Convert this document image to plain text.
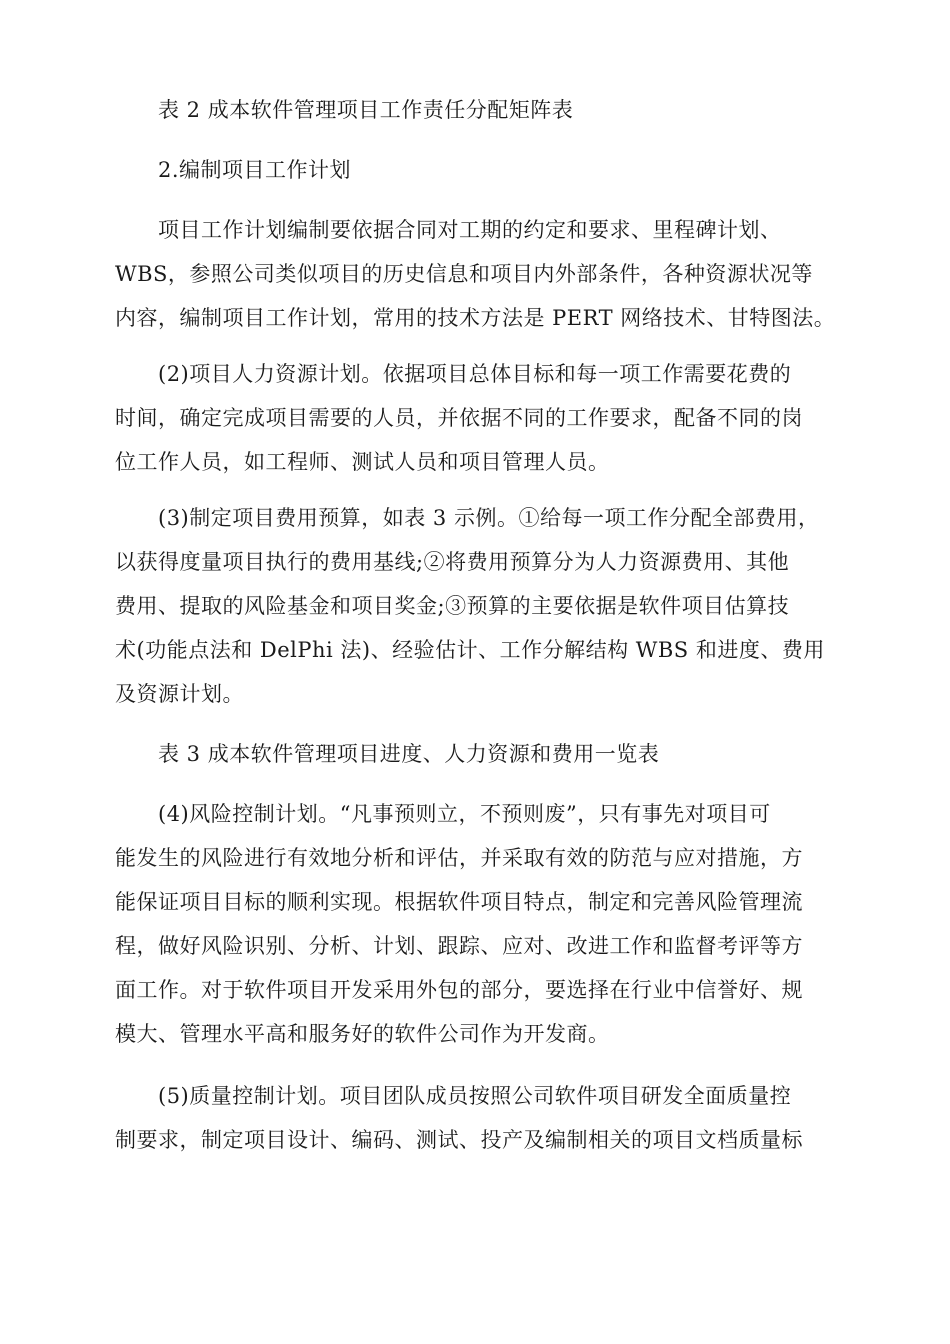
　　表 2 成本软件管理项目工作责任分配矩阵表

　　2.编制项目工作计划

　　项目工作计划编制要依据合同对工期的约定和要求、里程碑计划、
WBS，参照公司类似项目的历史信息和项目内外部条件，各种资源状况等
内容，编制项目工作计划，常用的技术方法是 PERT 网络技术、甘特图法。

　　(2)项目人力资源计划。依据项目总体目标和每一项工作需要花费的
时间，确定完成项目需要的人员，并依据不同的工作要求，配备不同的岗
位工作人员，如工程师、测试人员和项目管理人员。

　　(3)制定项目费用预算，如表 3 示例。①给每一项工作分配全部费用，
以获得度量项目执行的费用基线;②将费用预算分为人力资源费用、其他
费用、提取的风险基金和项目奖金;③预算的主要依据是软件项目估算技
术(功能点法和 DelPhi 法)、经验估计、工作分解结构 WBS 和进度、费用
及资源计划。

　　表 3 成本软件管理项目进度、人力资源和费用一览表

　　(4)风险控制计划。“凡事预则立，不预则废”，只有事先对项目可
能发生的风险进行有效地分析和评估，并采取有效的防范与应对措施，方
能保证项目目标的顺利实现。根据软件项目特点，制定和完善风险管理流
程，做好风险识别、分析、计划、跟踪、应对、改进工作和监督考评等方
面工作。对于软件项目开发采用外包的部分，要选择在行业中信誉好、规
模大、管理水平高和服务好的软件公司作为开发商。

　　(5)质量控制计划。项目团队成员按照公司软件项目研发全面质量控
制要求，制定项目设计、编码、测试、投产及编制相关的项目文档质量标
